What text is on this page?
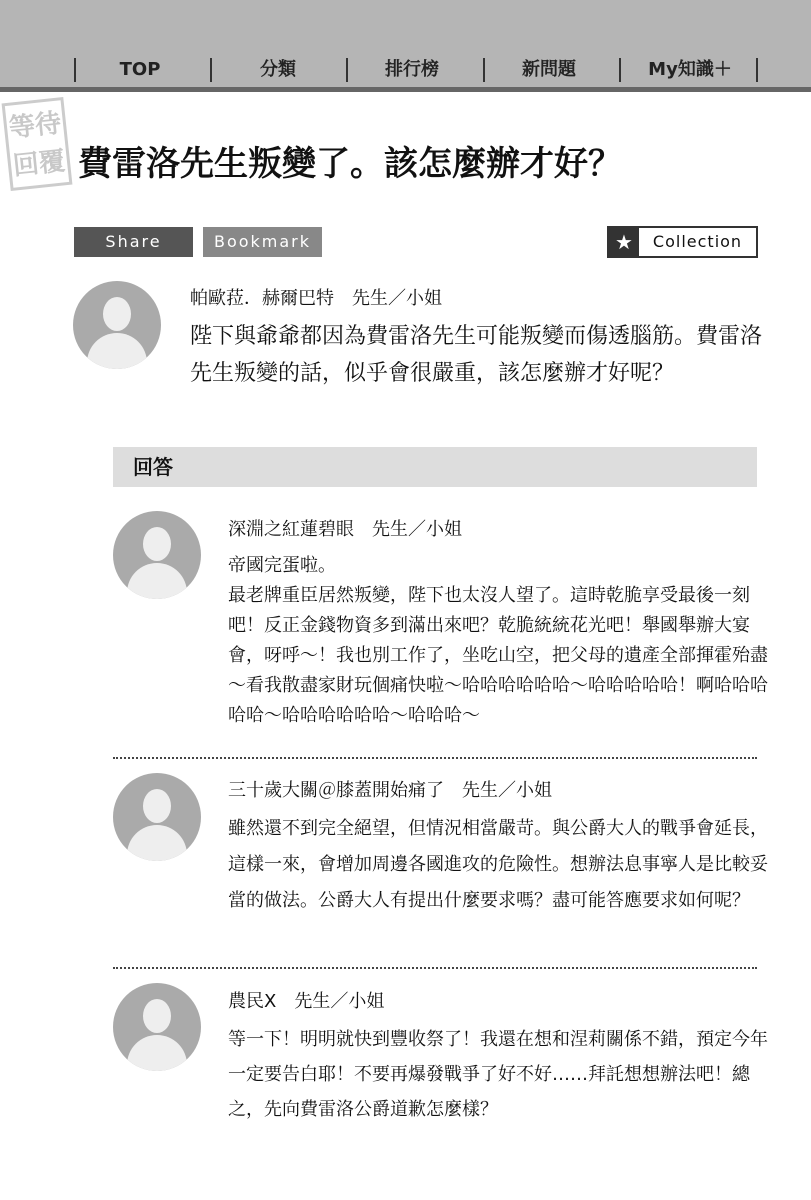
TOP	分類	排行榜	新問題	My知識＋
等待回覆 費雷洛先生叛變了。該怎麼辦才好？
Share	Bookmark	★	Collection
帕歐菈．赫爾巴特　先生／小姐
陛下與爺爺都因為費雷洛先生可能叛變而傷透腦筋。費雷洛先生叛變的話，似乎會很嚴重，該怎麼辦才好呢？
回答
深淵之紅蓮碧眼　先生／小姐
帝國完蛋啦。
最老牌重臣居然叛變，陛下也太沒人望了。這時乾脆享受最後一刻吧！反正金錢物資多到滿出來吧？乾脆統統花光吧！舉國舉辦大宴會，呀呼～！我也別工作了，坐吃山空，把父母的遺產全部揮霍殆盡～看我散盡家財玩個痛快啦～哈哈哈哈哈哈～哈哈哈哈哈！啊哈哈哈哈哈～哈哈哈哈哈哈～哈哈哈～
三十歲大關＠膝蓋開始痛了　先生／小姐
雖然還不到完全絕望，但情況相當嚴苛。與公爵大人的戰爭會延長，這樣一來，會增加周邊各國進攻的危險性。想辦法息事寧人是比較妥當的做法。公爵大人有提出什麼要求嗎？盡可能答應要求如何呢？
農民X　先生／小姐
等一下！明明就快到豐收祭了！我還在想和涅莉關係不錯，預定今年一定要告白耶！不要再爆發戰爭了好不好……拜託想想辦法吧！總之，先向費雷洛公爵道歉怎麼樣？
